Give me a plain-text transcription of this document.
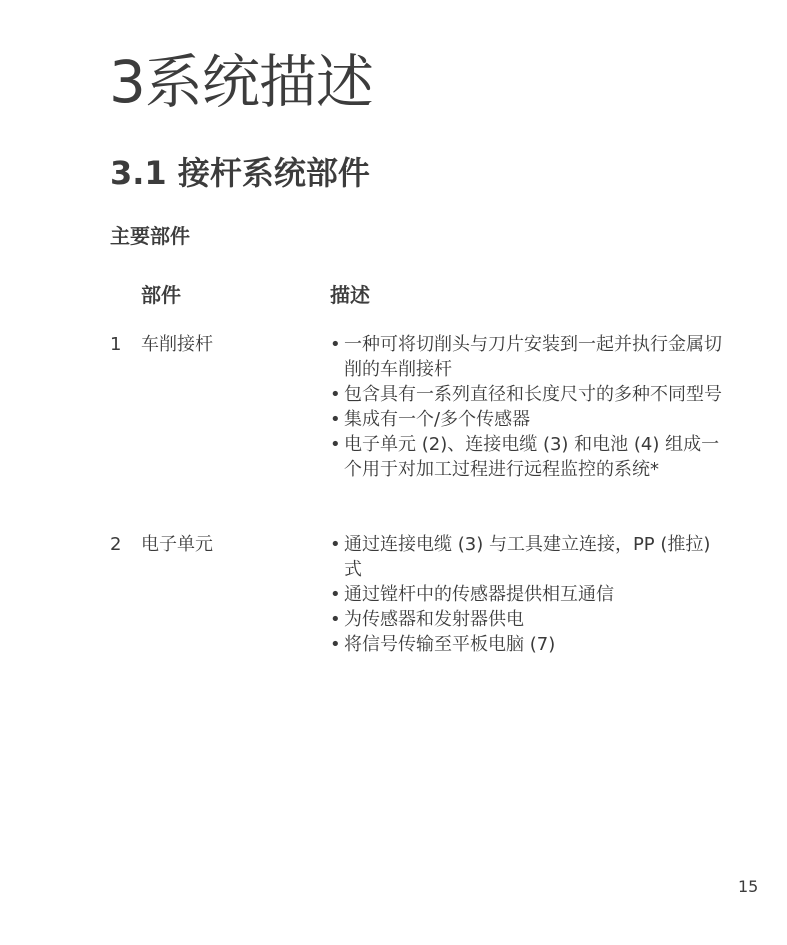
3系统描述
3.1 接杆系统部件
主要部件
部件	描述
1 车削接杆	• 一种可将切削头与刀片安装到一起并执行金属切削的车削接杆
• 包含具有一系列直径和长度尺寸的多种不同型号
• 集成有一个/多个传感器
• 电子单元 (2)、连接电缆 (3) 和电池 (4) 组成一个用于对加工过程进行远程监控的系统*
2 电子单元	• 通过连接电缆 (3) 与工具建立连接，PP (推拉) 式
• 通过镗杆中的传感器提供相互通信
• 为传感器和发射器供电
• 将信号传输至平板电脑 (7)
15
